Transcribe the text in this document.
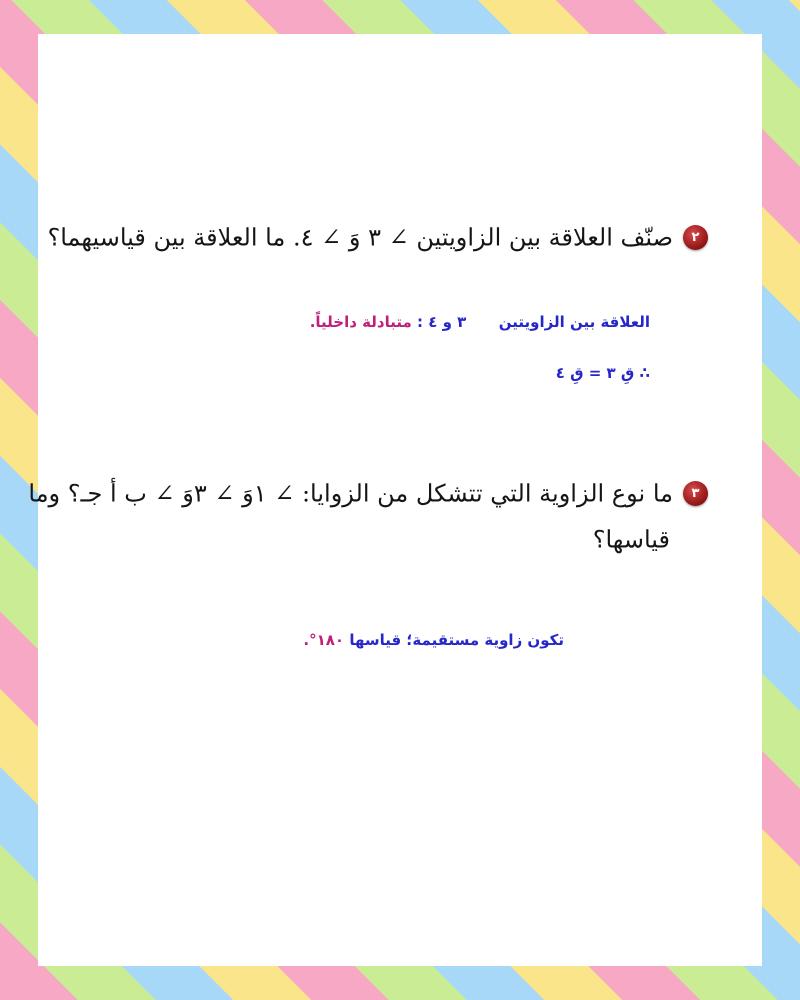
٢صنّف العلاقة بين الزاويتين ∠ ٣ وَ ∠ ٤. ما العلاقة بين قياسيهما؟
العلاقة بين الزاويتين  ٣ و ٤ : متبادلة داخلياً.
∴ قِ ٣ = قِ ٤
٣ما نوع الزاوية التي تتشكل من الزوايا: ∠ ١وَ ∠ ٣وَ ∠ ب أ جـ؟ وما
قياسها؟
تكون زاوية مستقيمة؛ قياسها ١٨٠°.
